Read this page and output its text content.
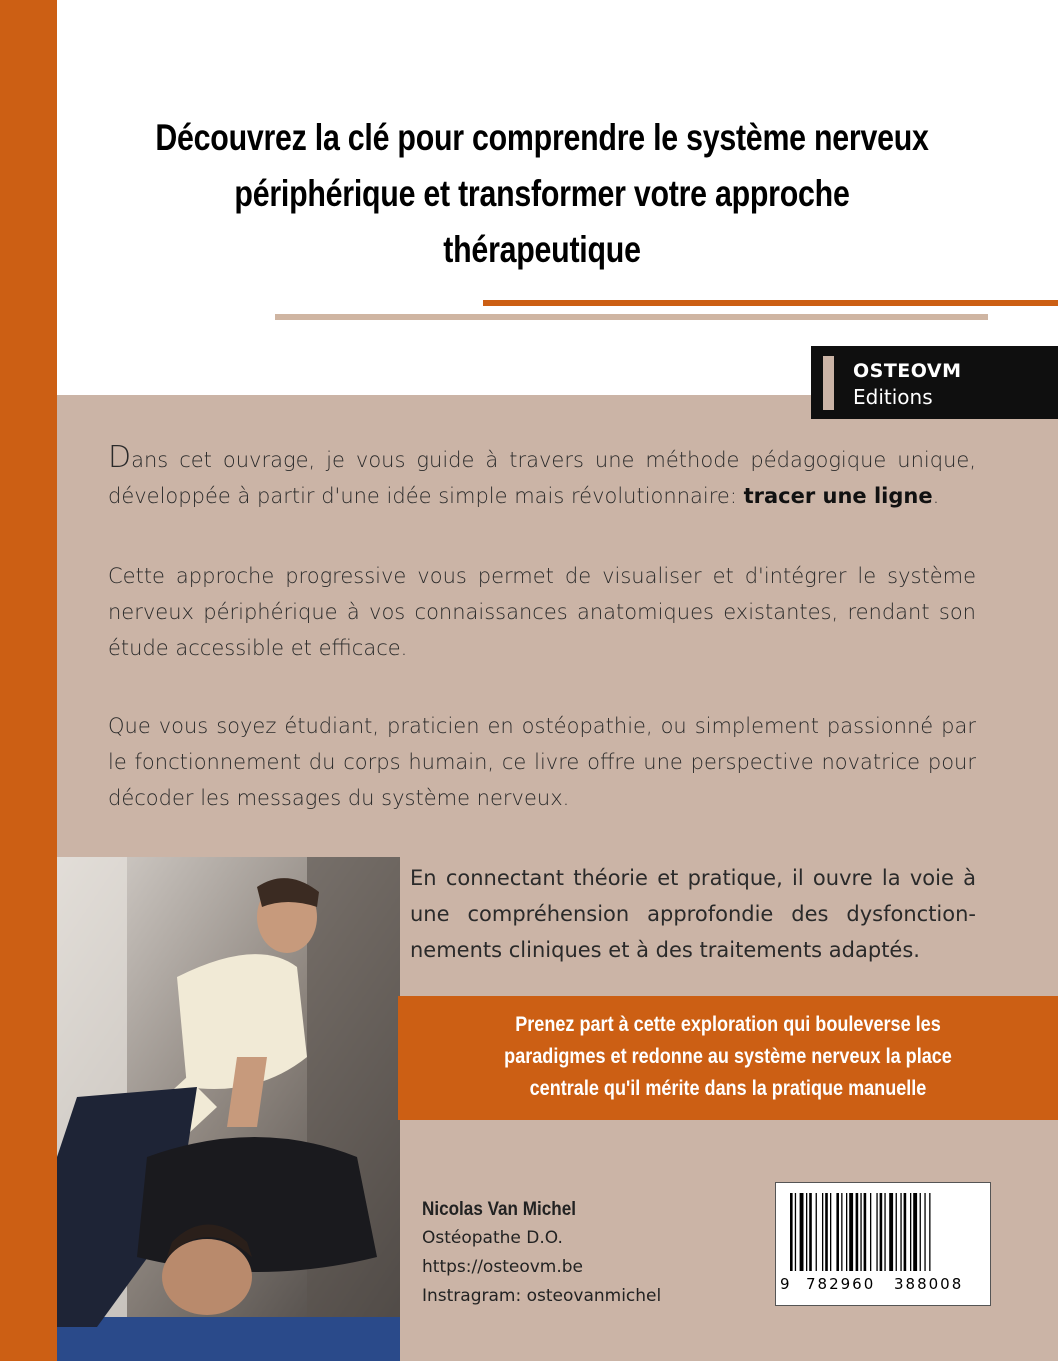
Découvrez la clé pour comprendre le système nerveux
périphérique et transformer votre approche
thérapeutique
OSTEOVM
Editions

Dans cet ouvrage, je vous guide à travers une méthode pédagogique unique, développée à partir d'une idée simple mais révolutionnaire: tracer une ligne.

Cette approche progressive vous permet de visualiser et d'intégrer le système nerveux périphérique à vos connaissances anatomiques existantes, rendant son étude accessible et efficace.

Que vous soyez étudiant, praticien en ostéopathie, ou simplement passionné par le fonctionnement du corps humain, ce livre offre une perspective novatrice pour décoder les messages du système nerveux.

En connectant théorie et pratique, il ouvre la voie à une compréhension approfondie des dysfonction-nements cliniques et à des traitements adaptés.

Prenez part à cette exploration qui bouleverse les
paradigmes et redonne au système nerveux la place
centrale qu'il mérite dans la pratique manuelle
Nicolas Van Michel
Ostéopathe D.O.
https://osteovm.be
Instragram: osteovanmichel
9 782960 388008
